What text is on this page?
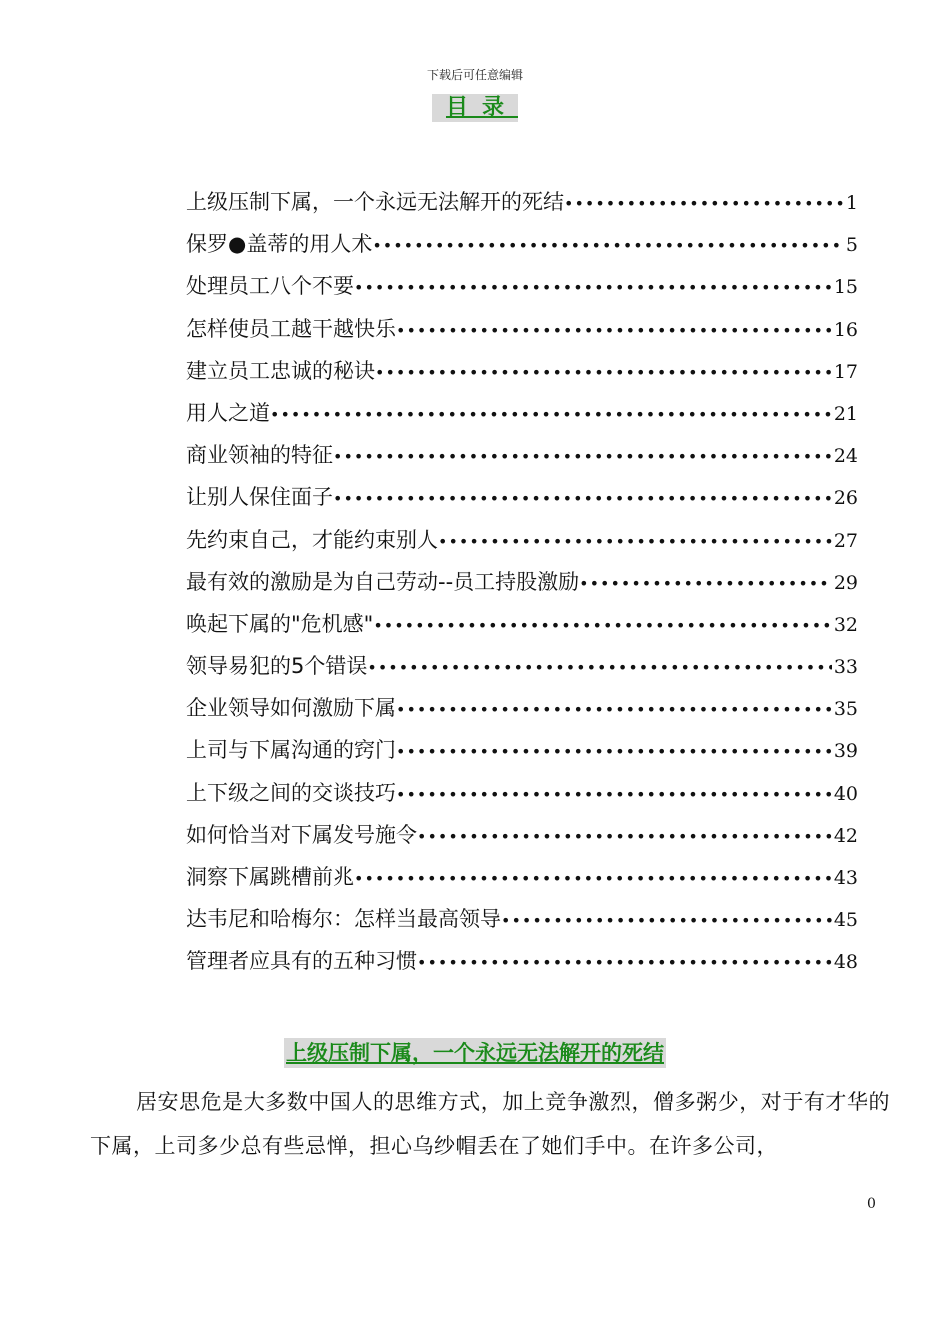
下载后可任意编辑
目录
上级压制下属，一个永远无法解开的死结 •••••	1
保罗●盖蒂的用人术 •••••	5
处理员工八个不要 •••••	15
怎样使员工越干越快乐 •••••	16
建立员工忠诚的秘诀 •••••	17
用人之道 •••••	21
商业领袖的特征 •••••	24
让别人保住面子 •••••	26
先约束自己，才能约束别人 •••••	27
最有效的激励是为自己劳动--员工持股激励 •••••	29
唤起下属的"危机感" •••••	32
领导易犯的5个错误 •••••	33
企业领导如何激励下属 •••••	35
上司与下属沟通的窍门 •••••	39
上下级之间的交谈技巧 •••••	40
如何恰当对下属发号施令 •••••	42
洞察下属跳槽前兆 •••••	43
达韦尼和哈梅尔：怎样当最高领导 •••••	45
管理者应具有的五种习惯 •••••	48
上级压制下属，一个永远无法解开的死结

居安思危是大多数中国人的思维方式，加上竞争激烈，僧多粥少，对于有才华的下属，上司多少总有些忌惮，担心乌纱帽丢在了她们手中。在许多公司，

0
